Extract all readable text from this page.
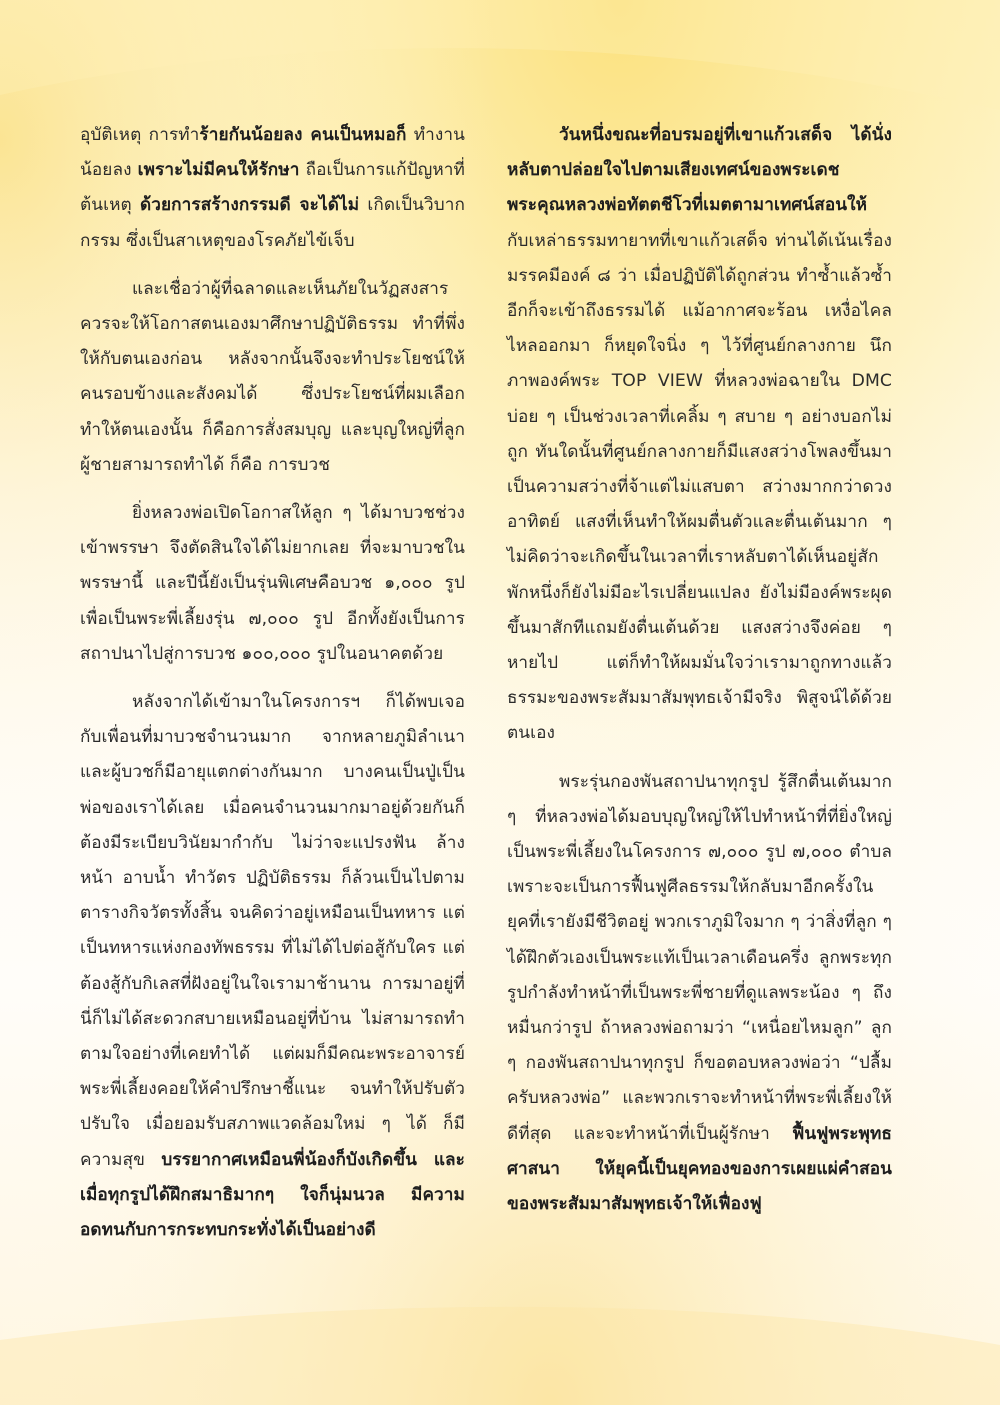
อุบัติเหตุ การทำร้ายกันน้อยลง คนเป็นหมอก็ ทำงานน้อยลง เพราะไม่มีคนให้รักษา ถือเป็นการแก้ปัญหาที่ต้นเหตุ ด้วยการสร้างกรรมดี จะได้ไม่ เกิดเป็นวิบากกรรม ซึ่งเป็นสาเหตุของโรคภัยไข้เจ็บ

และเชื่อว่าผู้ที่ฉลาดและเห็นภัยในวัฏสงสาร ควรจะให้โอกาสตนเองมาศึกษาปฏิบัติธรรม ทำที่พึ่งให้กับตนเองก่อน หลังจากนั้นจึงจะทำประโยชน์ให้คนรอบข้างและสังคมได้ ซึ่งประโยชน์ที่ผมเลือกทำให้ตนเองนั้น ก็คือการสั่งสมบุญ และบุญใหญ่ที่ลูกผู้ชายสามารถทำได้ ก็คือ การบวช

ยิ่งหลวงพ่อเปิดโอกาสให้ลูก ๆ ได้มาบวชช่วงเข้าพรรษา จึงตัดสินใจได้ไม่ยากเลย ที่จะมาบวชในพรรษานี้ และปีนี้ยังเป็นรุ่นพิเศษคือบวช ๑,๐๐๐ รูป เพื่อเป็นพระพี่เลี้ยงรุ่น ๗,๐๐๐ รูป อีกทั้งยังเป็นการสถาปนาไปสู่การบวช ๑๐๐,๐๐๐ รูปในอนาคตด้วย

หลังจากได้เข้ามาในโครงการฯ ก็ได้พบเจอกับเพื่อนที่มาบวชจำนวนมาก จากหลายภูมิลำเนา และผู้บวชก็มีอายุแตกต่างกันมาก บางคนเป็นปู่เป็นพ่อของเราได้เลย เมื่อคนจำนวนมากมาอยู่ด้วยกันก็ต้องมีระเบียบวินัยมากำกับ ไม่ว่าจะแปรงฟัน ล้างหน้า อาบน้ำ ทำวัตร ปฏิบัติธรรม ก็ล้วนเป็นไปตามตารางกิจวัตรทั้งสิ้น จนคิดว่าอยู่เหมือนเป็นทหาร แต่เป็นทหารแห่งกองทัพธรรม ที่ไม่ได้ไปต่อสู้กับใคร แต่ต้องสู้กับกิเลสที่ฝังอยู่ในใจเรามาช้านาน การมาอยู่ที่นี่ก็ไม่ได้สะดวกสบายเหมือนอยู่ที่บ้าน ไม่สามารถทำตามใจอย่างที่เคยทำได้ แต่ผมก็มีคณะพระอาจารย์ พระพี่เลี้ยงคอยให้คำปรึกษาชี้แนะ จนทำให้ปรับตัวปรับใจ เมื่อยอมรับสภาพแวดล้อมใหม่ ๆ ได้ ก็มีความสุข บรรยากาศเหมือนพี่น้องก็บังเกิดขึ้น และเมื่อทุกรูปได้ฝึกสมาธิมากๆ ใจก็นุ่มนวล มีความอดทนกับการกระทบกระทั่งได้เป็นอย่างดี

วันหนึ่งขณะที่อบรมอยู่ที่เขาแก้วเสด็จ ได้นั่งหลับตาปล่อยใจไปตามเสียงเทศน์ของพระเดชพระคุณหลวงพ่อทัตตชีโวที่เมตตามาเทศน์สอนให้ กับเหล่าธรรมทายาทที่เขาแก้วเสด็จ ท่านได้เน้นเรื่องมรรคมีองค์ ๘ ว่า เมื่อปฏิบัติได้ถูกส่วน ทำซ้ำแล้วซ้ำอีกก็จะเข้าถึงธรรมได้ แม้อากาศจะร้อน เหงื่อไคลไหลออกมา ก็หยุดใจนิ่ง ๆ ไว้ที่ศูนย์กลางกาย นึกภาพองค์พระ TOP VIEW ที่หลวงพ่อฉายใน DMC บ่อย ๆ เป็นช่วงเวลาที่เคลิ้ม ๆ สบาย ๆ อย่างบอกไม่ถูก ทันใดนั้นที่ศูนย์กลางกายก็มีแสงสว่างโพลงขึ้นมา เป็นความสว่างที่จ้าแต่ไม่แสบตา สว่างมากกว่าดวงอาทิตย์ แสงที่เห็นทำให้ผมตื่นตัวและตื่นเต้นมาก ๆ ไม่คิดว่าจะเกิดขึ้นในเวลาที่เราหลับตาได้เห็นอยู่สักพักหนึ่งก็ยังไม่มีอะไรเปลี่ยนแปลง ยังไม่มีองค์พระผุดขึ้นมาสักทีแถมยังตื่นเต้นด้วย แสงสว่างจึงค่อย ๆ หายไป แต่ก็ทำให้ผมมั่นใจว่าเรามาถูกทางแล้ว ธรรมะของพระสัมมาสัมพุทธเจ้ามีจริง พิสูจน์ได้ด้วยตนเอง

พระรุ่นกองพันสถาปนาทุกรูป รู้สึกตื่นเต้นมาก ๆ ที่หลวงพ่อได้มอบบุญใหญ่ให้ไปทำหน้าที่ที่ยิ่งใหญ่ เป็นพระพี่เลี้ยงในโครงการ ๗,๐๐๐ รูป ๗,๐๐๐ ตำบล เพราะจะเป็นการฟื้นฟูศีลธรรมให้กลับมาอีกครั้งในยุคที่เรายังมีชีวิตอยู่ พวกเราภูมิใจมาก ๆ ว่าสิ่งที่ลูก ๆ ได้ฝึกตัวเองเป็นพระแท้เป็นเวลาเดือนครึ่ง ลูกพระทุกรูปกำลังทำหน้าที่เป็นพระพี่ชายที่ดูแลพระน้อง ๆ ถึงหมื่นกว่ารูป ถ้าหลวงพ่อถามว่า “เหนื่อยไหมลูก” ลูก ๆ กองพันสถาปนาทุกรูป ก็ขอตอบหลวงพ่อว่า “ปลื้มครับหลวงพ่อ” และพวกเราจะทำหน้าที่พระพี่เลี้ยงให้ดีที่สุด และจะทำหน้าที่เป็นผู้รักษา ฟื้นฟูพระพุทธศาสนา ให้ยุคนี้เป็นยุคทองของการเผยแผ่คำสอนของพระสัมมาสัมพุทธเจ้าให้เฟื่องฟู
